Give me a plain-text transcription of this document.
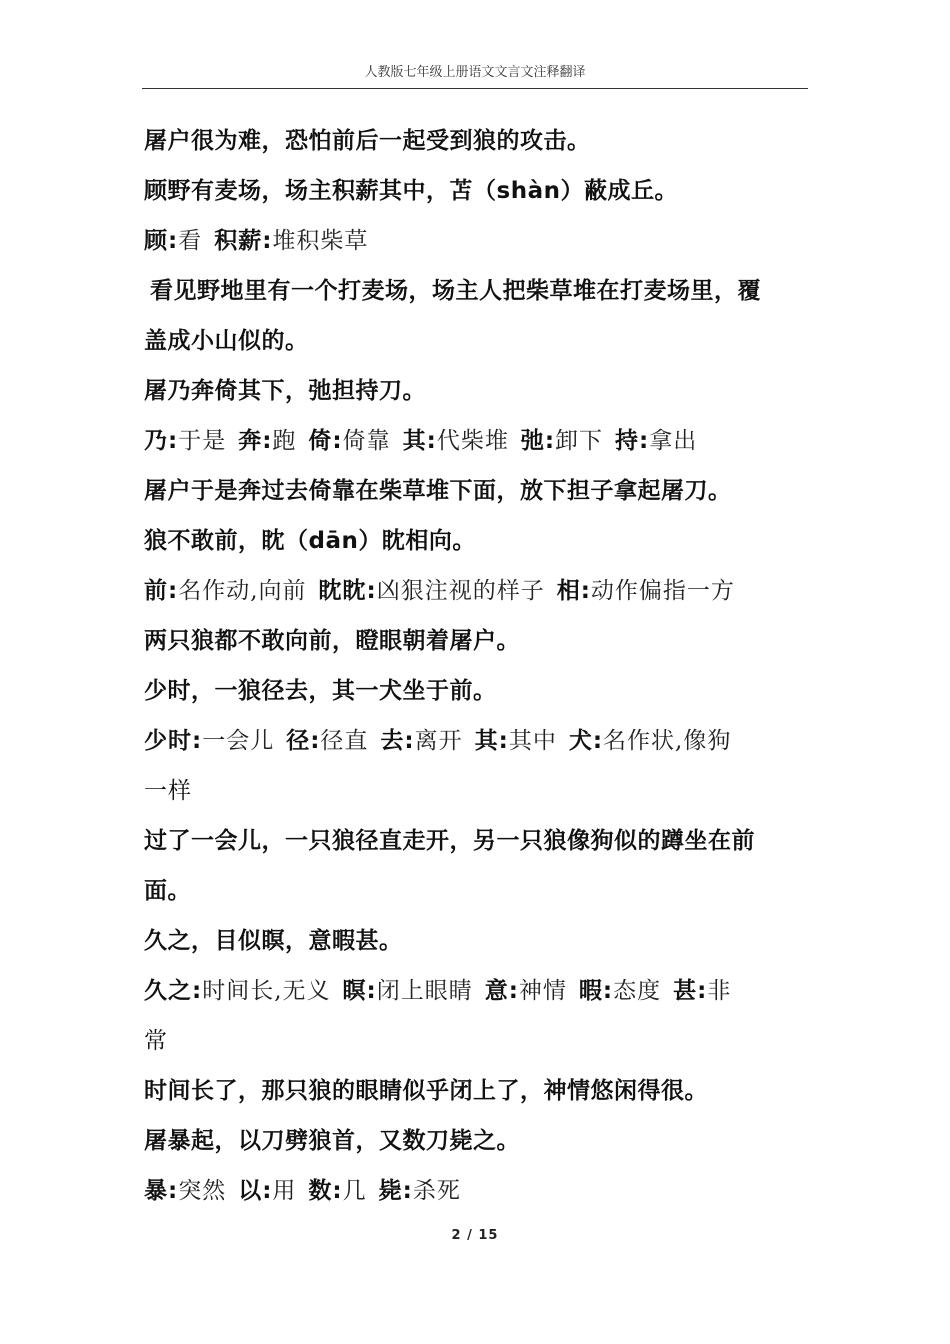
人教版七年级上册语文文言文注释翻译
屠户很为难，恐怕前后一起受到狼的攻击。
顾野有麦场，场主积薪其中，苫（shàn）蔽成丘。
顾:看 积薪:堆积柴草
看见野地里有一个打麦场，场主人把柴草堆在打麦场里，覆
盖成小山似的。
屠乃奔倚其下，弛担持刀。
乃:于是 奔:跑 倚:倚靠 其:代柴堆 弛:卸下 持:拿出
屠户于是奔过去倚靠在柴草堆下面，放下担子拿起屠刀。
狼不敢前，眈（dān）眈相向。
前:名作动,向前 眈眈:凶狠注视的样子 相:动作偏指一方
两只狼都不敢向前，瞪眼朝着屠户。
少时，一狼径去，其一犬坐于前。
少时:一会儿 径:径直 去:离开 其:其中 犬:名作状,像狗
一样
过了一会儿，一只狼径直走开，另一只狼像狗似的蹲坐在前
面。
久之，目似瞑，意暇甚。
久之:时间长,无义 瞑:闭上眼睛 意:神情 暇:态度 甚:非
常
时间长了，那只狼的眼睛似乎闭上了，神情悠闲得很。
屠暴起，以刀劈狼首，又数刀毙之。
暴:突然 以:用 数:几 毙:杀死
2 / 15
